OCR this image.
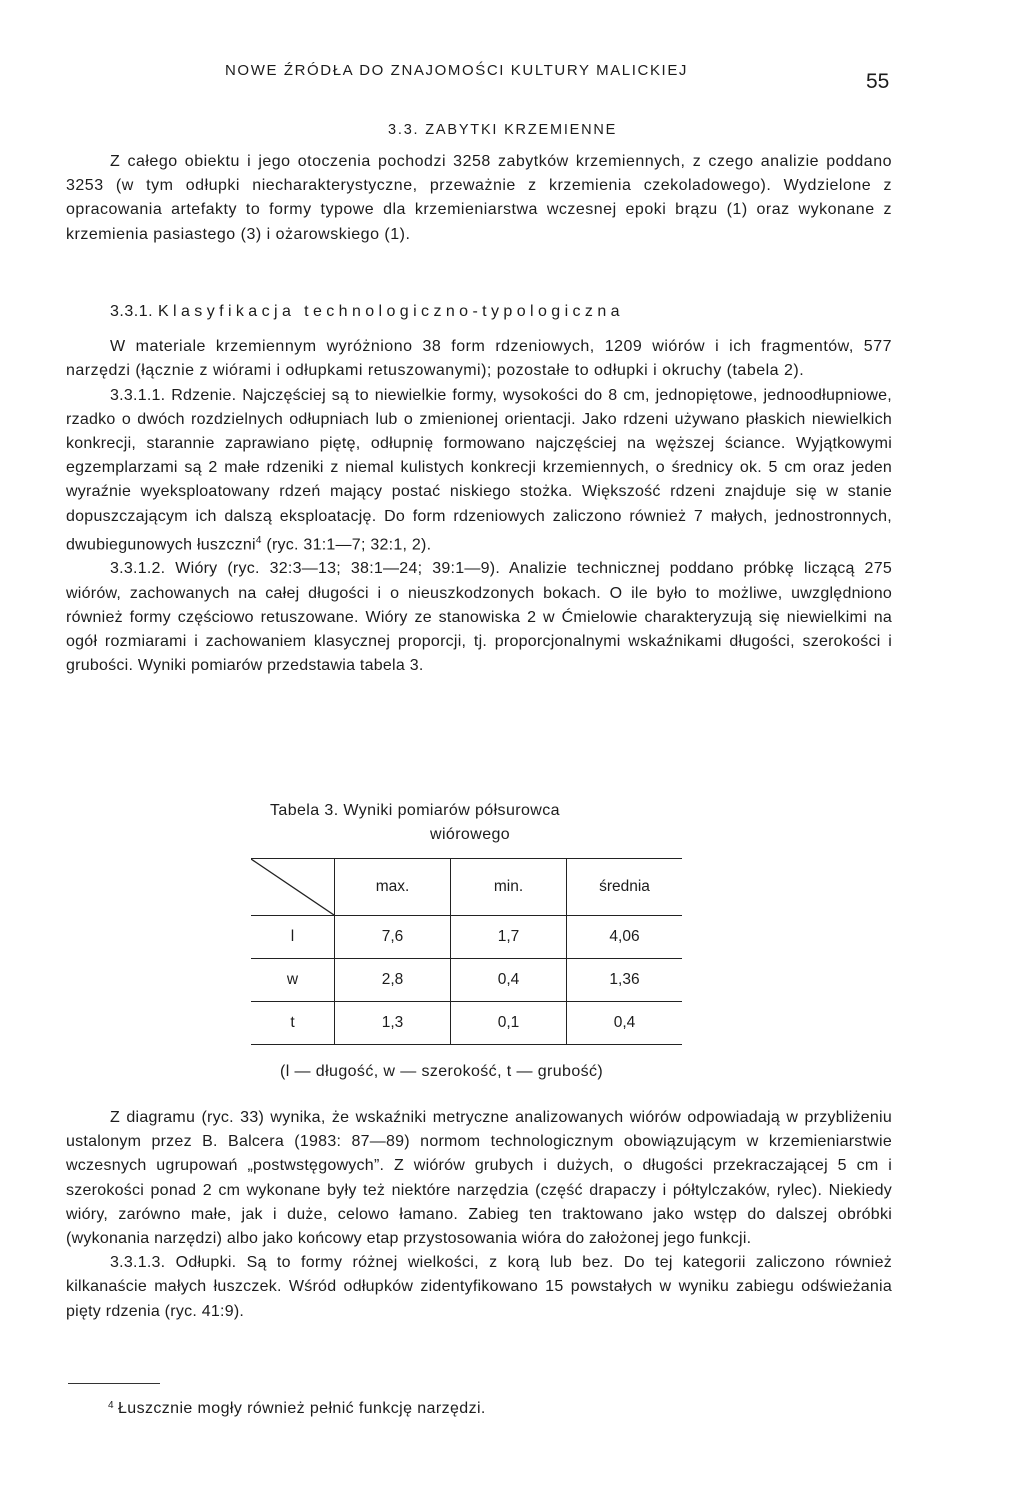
NOWE ŹRÓDŁA DO ZNAJOMOŚCI KULTURY MALICKIEJ	55
3.3. ZABYTKI KRZEMIENNE

Z całego obiektu i jego otoczenia pochodzi 3258 zabytków krzemiennych, z czego analizie poddano 3253 (w tym odłupki niecharakterystyczne, przeważnie z krzemienia czekoladowego). Wydzielone z opracowania artefakty to formy typowe dla krzemieniarstwa wczesnej epoki brązu (1) oraz wykonane z krzemienia pasiastego (3) i ożarowskiego (1).

3.3.1. Klasyfikacja technologiczno-typologiczna

W materiale krzemiennym wyróżniono 38 form rdzeniowych, 1209 wiórów i ich fragmentów, 577 narzędzi (łącznie z wiórami i odłupkami retuszowanymi); pozostałe to odłupki i okruchy (tabela 2).

3.3.1.1. Rdzenie. Najczęściej są to niewielkie formy, wysokości do 8 cm, jednopiętowe, jednoodłupniowe, rzadko o dwóch rozdzielnych odłupniach lub o zmienionej orientacji. Jako rdzeni używano płaskich niewielkich konkrecji, starannie zaprawiano piętę, odłupnię formowano najczęściej na węższej ściance. Wyjątkowymi egzemplarzami są 2 małe rdzeniki z niemal kulistych konkrecji krzemiennych, o średnicy ok. 5 cm oraz jeden wyraźnie wyeksploatowany rdzeń mający postać niskiego stożka. Większość rdzeni znajduje się w stanie dopuszczającym ich dalszą eksploatację. Do form rdzeniowych zaliczono również 7 małych, jednostronnych, dwubiegunowych łuszczni$^4$ (ryc. 31:1—7; 32:1, 2).

3.3.1.2. Wióry (ryc. 32:3—13; 38:1—24; 39:1—9). Analizie technicznej poddano próbkę liczącą 275 wiórów, zachowanych na całej długości i o nieuszkodzonych bokach. O ile było to możliwe, uwzględniono również formy częściowo retuszowane. Wióry ze stanowiska 2 w Ćmielowie charakteryzują się niewielkimi na ogół rozmiarami i zachowaniem klasycznej proporcji, tj. proporcjonalnymi wskaźnikami długości, szerokości i grubości. Wyniki pomiarów przedstawia tabela 3.

Tabela 3. Wyniki pomiarów półsurowca
wiórowego
	max.	min.	średnia
l	7,6	1,7	4,06
w	2,8	0,4	1,36
t	1,3	0,1	0,4
(l — długość, w — szerokość, t — grubość)

Z diagramu (ryc. 33) wynika, że wskaźniki metryczne analizowanych wiórów odpowiadają w przybliżeniu ustalonym przez B. Balcera (1983: 87—89) normom technologicznym obowiązującym w krzemieniarstwie wczesnych ugrupowań „postwstęgowych”. Z wiórów grubych i dużych, o długości przekraczającej 5 cm i szerokości ponad 2 cm wykonane były też niektóre narzędzia (część drapaczy i półtylczaków, rylec). Niekiedy wióry, zarówno małe, jak i duże, celowo łamano. Zabieg ten traktowano jako wstęp do dalszej obróbki (wykonania narzędzi) albo jako końcowy etap przystosowania wióra do założonej jego funkcji.

3.3.1.3. Odłupki. Są to formy różnej wielkości, z korą lub bez. Do tej kategorii zaliczono również kilkanaście małych łuszczek. Wśród odłupków zidentyfikowano 15 powstałych w wyniku zabiegu odświeżania pięty rdzenia (ryc. 41:9).

$^4$ Łuszcznie mogły również pełnić funkcję narzędzi.
